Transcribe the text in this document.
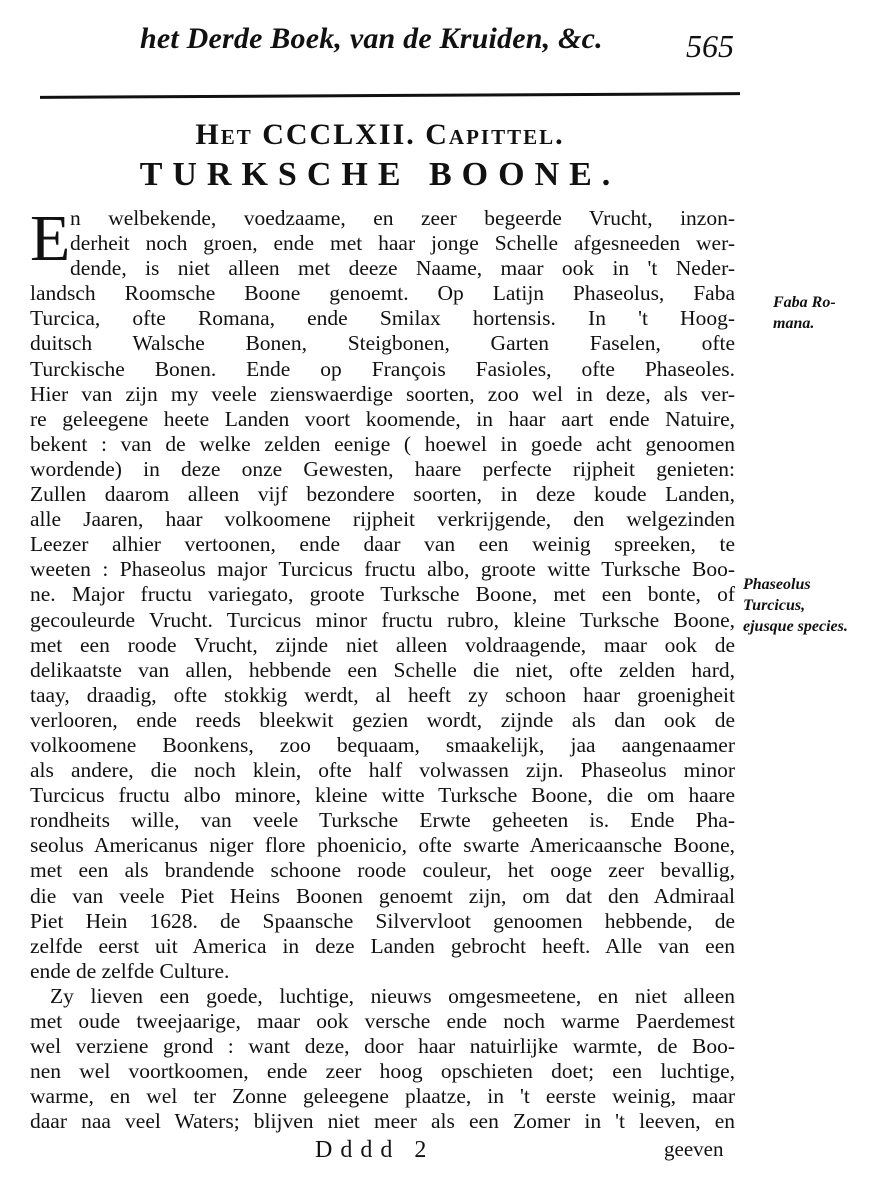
het Derde Boek, van de Kruiden, &c.	565
Het CCCLXII. Capittel.
TURKSCHE BOONE.
E n welbekende, voedzaame, en zeer begeerde Vrucht, inzon-
derheit noch groen, ende met haar jonge Schelle afgesneeden wer-
dende, is niet alleen met deeze Naame, maar ook in 't Neder-
landsch Roomsche Boone genoemt. Op Latijn Phaseolus, Faba
Turcica, ofte Romana, ende Smilax hortensis. In 't Hoog-
duitsch Walsche Bonen, Steigbonen, Garten Faselen, ofte
Turckische Bonen. Ende op François Fasioles, ofte Phaseoles.
Hier van zijn my veele zienswaerdige soorten, zoo wel in deze, als ver-
re geleegene heete Landen voort koomende, in haar aart ende Natuire,
bekent : van de welke zelden eenige ( hoewel in goede acht genoomen
wordende) in deze onze Gewesten, haare perfecte rijpheit genieten:
Zullen daarom alleen vijf bezondere soorten, in deze koude Landen,
alle Jaaren, haar volkoomene rijpheit verkrijgende, den welgezinden
Leezer alhier vertoonen, ende daar van een weinig spreeken, te
weeten : Phaseolus major Turcicus fructu albo, groote witte Turksche Boo-
ne. Major fructu variegato, groote Turksche Boone, met een bonte, of
gecouleurde Vrucht. Turcicus minor fructu rubro, kleine Turksche Boone,
met een roode Vrucht, zijnde niet alleen voldraagende, maar ook de
delikaatste van allen, hebbende een Schelle die niet, ofte zelden hard,
taay, draadig, ofte stokkig werdt, al heeft zy schoon haar groenigheit
verlooren, ende reeds bleekwit gezien wordt, zijnde als dan ook de
volkoomene Boonkens, zoo bequaam, smaakelijk, jaa aangenaamer
als andere, die noch klein, ofte half volwassen zijn. Phaseolus minor
Turcicus fructu albo minore, kleine witte Turksche Boone, die om haare
rondheits wille, van veele Turksche Erwte geheeten is. Ende Pha-
seolus Americanus niger flore phoenicio, ofte swarte Americaansche Boone,
met een als brandende schoone roode couleur, het ooge zeer bevallig,
die van veele Piet Heins Boonen genoemt zijn, om dat den Admiraal
Piet Hein 1628. de Spaansche Silvervloot genoomen hebbende, de
zelfde eerst uit America in deze Landen gebrocht heeft. Alle van een
ende de zelfde Culture.
Zy lieven een goede, luchtige, nieuws omgesmeetene, en niet alleen
met oude tweejaarige, maar ook versche ende noch warme Paerdemest
wel verziene grond : want deze, door haar natuirlijke warmte, de Boo-
nen wel voortkoomen, ende zeer hoog opschieten doet; een luchtige,
warme, en wel ter Zonne geleegene plaatze, in 't eerste weinig, maar
daar naa veel Waters; blijven niet meer als een Zomer in 't leeven, en
Faba Ro-mana.
Phaseolus Turcicus, ejusque species.
Dddd 2	geeven
